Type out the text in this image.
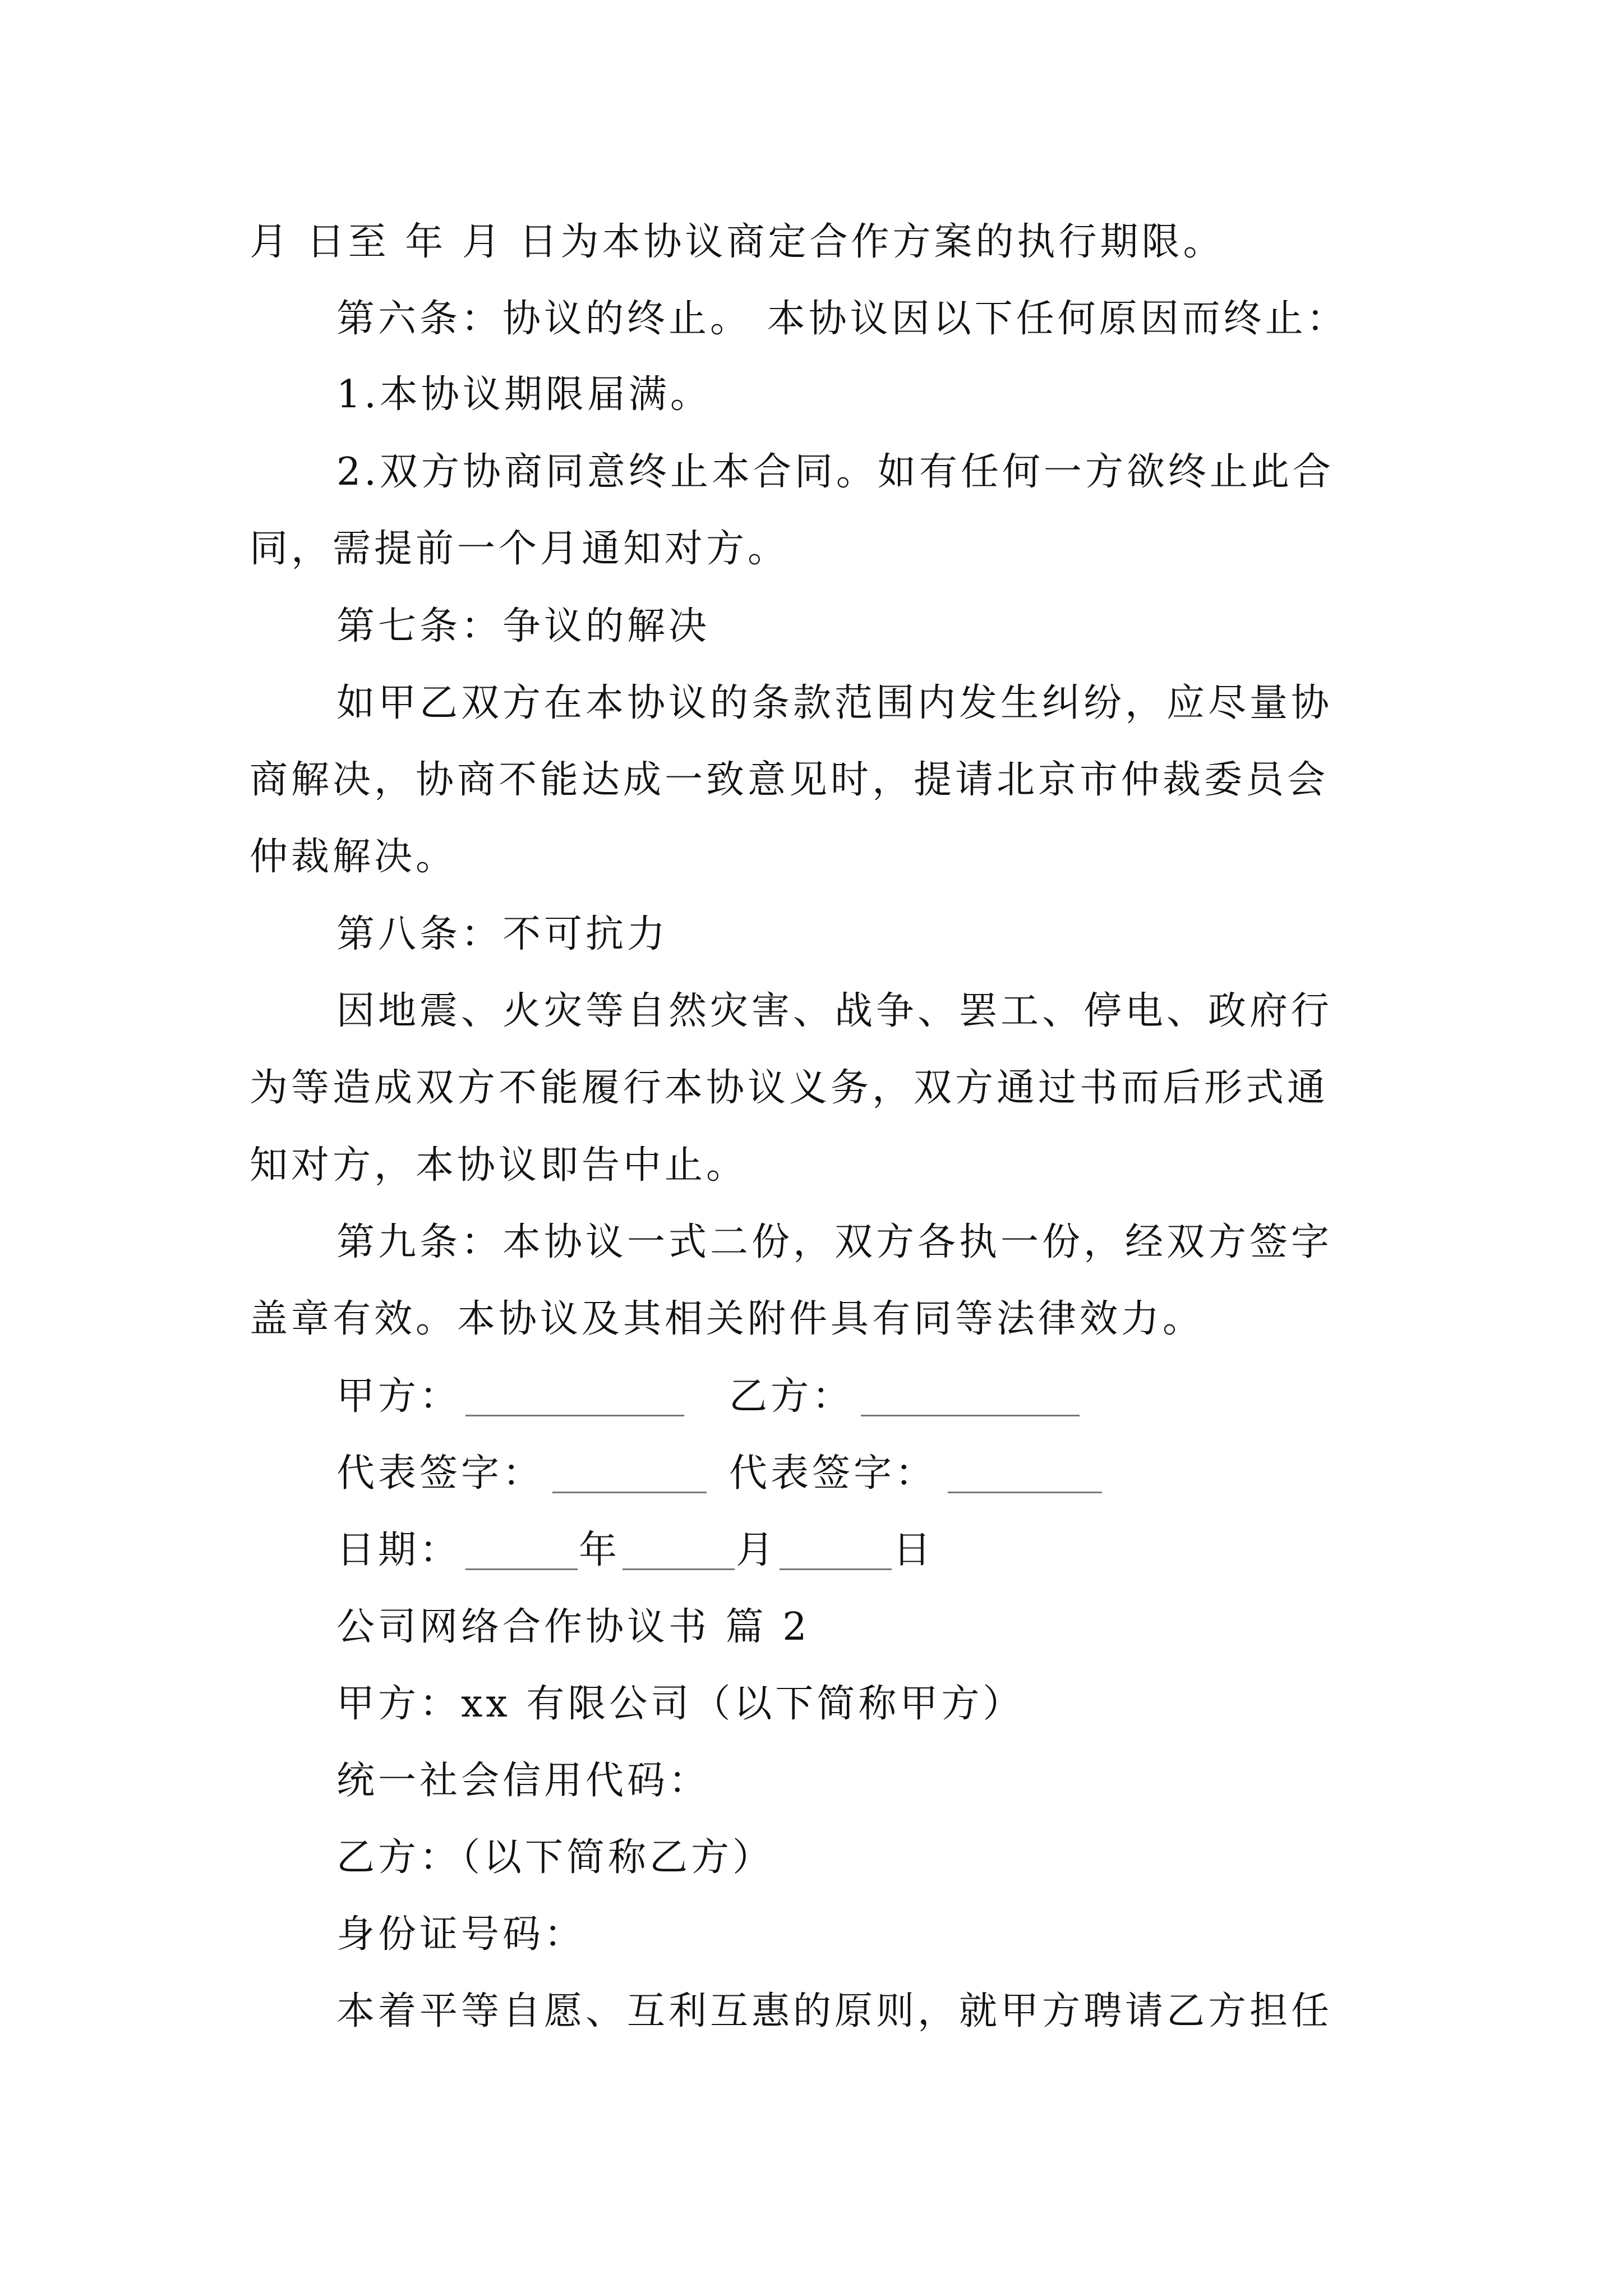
月 日至 年 月 日为本协议商定合作方案的执行期限。
第六条：协议的终止。 本协议因以下任何原因而终止：
1.本协议期限届满。
2.双方协商同意终止本合同。如有任何一方欲终止此合
同，需提前一个月通知对方。
第七条：争议的解决
如甲乙双方在本协议的条款范围内发生纠纷，应尽量协
商解决，协商不能达成一致意见时，提请北京市仲裁委员会
仲裁解决。
第八条：不可抗力
因地震、火灾等自然灾害、战争、罢工、停电、政府行
为等造成双方不能履行本协议义务，双方通过书而后形式通
知对方，本协议即告中止。
第九条：本协议一式二份，双方各执一份，经双方签字
盖章有效。本协议及其相关附件具有同等法律效力。
甲方：	乙方：
代表签字：	代表签字：
日期：	年	月	日
公司网络合作协议书 篇 2
甲方：xx 有限公司（以下简称甲方）
统一社会信用代码：
乙方：（以下简称乙方）
身份证号码：
本着平等自愿、互利互惠的原则，就甲方聘请乙方担任
